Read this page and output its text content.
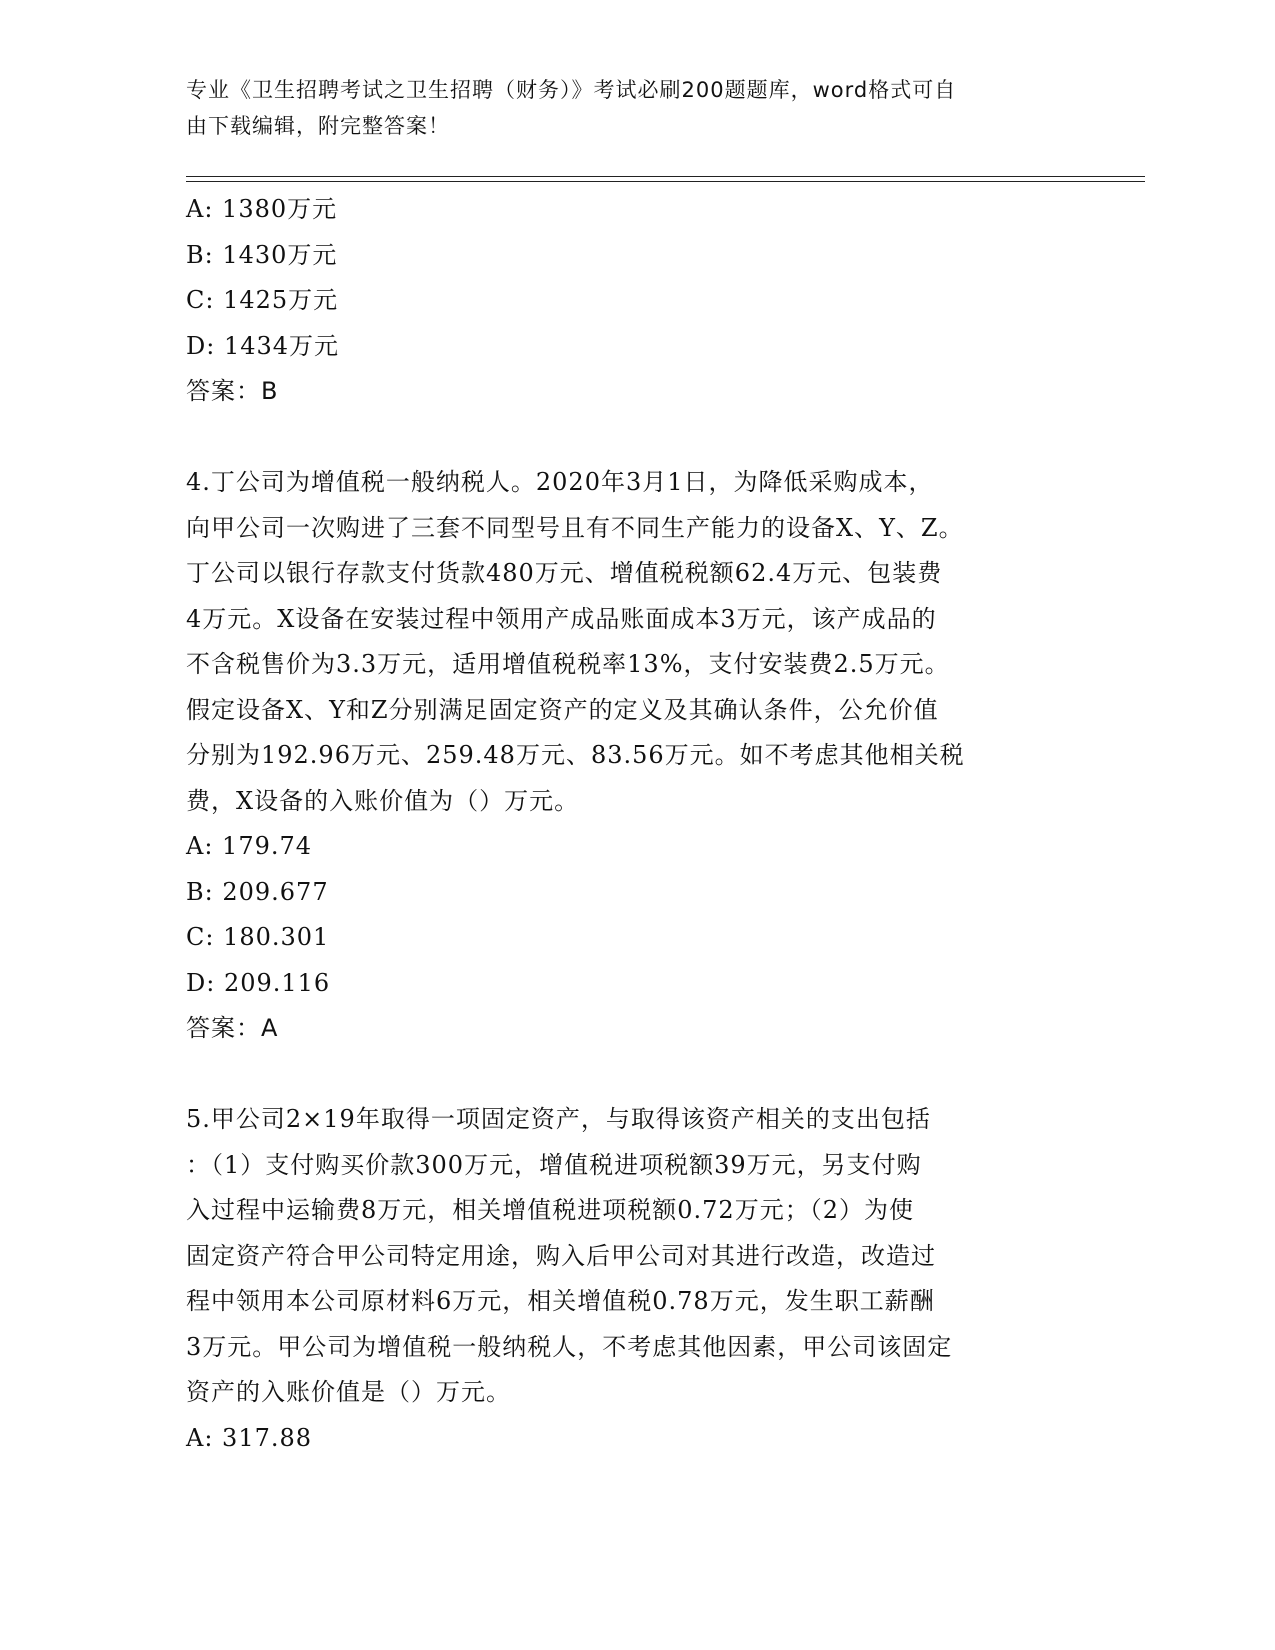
专业《卫生招聘考试之卫生招聘（财务）》考试必刷200题题库，word格式可自
由下载编辑，附完整答案！
A: 1380万元
B: 1430万元
C: 1425万元
D: 1434万元
答案：B
4.丁公司为增值税一般纳税人。2020年3月1日，为降低采购成本，
向甲公司一次购进了三套不同型号且有不同生产能力的设备X、Y、Z。
丁公司以银行存款支付货款480万元、增值税税额62.4万元、包装费
4万元。X设备在安装过程中领用产成品账面成本3万元，该产成品的
不含税售价为3.3万元，适用增值税税率13%，支付安装费2.5万元。
假定设备X、Y和Z分别满足固定资产的定义及其确认条件，公允价值
分别为192.96万元、259.48万元、83.56万元。如不考虑其他相关税
费，X设备的入账价值为（）万元。
A: 179.74
B: 209.677
C: 180.301
D: 209.116
答案：A
5.甲公司2×19年取得一项固定资产，与取得该资产相关的支出包括
：（1）支付购买价款300万元，增值税进项税额39万元，另支付购
入过程中运输费8万元，相关增值税进项税额0.72万元；（2）为使
固定资产符合甲公司特定用途，购入后甲公司对其进行改造，改造过
程中领用本公司原材料6万元，相关增值税0.78万元，发生职工薪酬
3万元。甲公司为增值税一般纳税人，不考虑其他因素，甲公司该固定
资产的入账价值是（）万元。
A: 317.88
